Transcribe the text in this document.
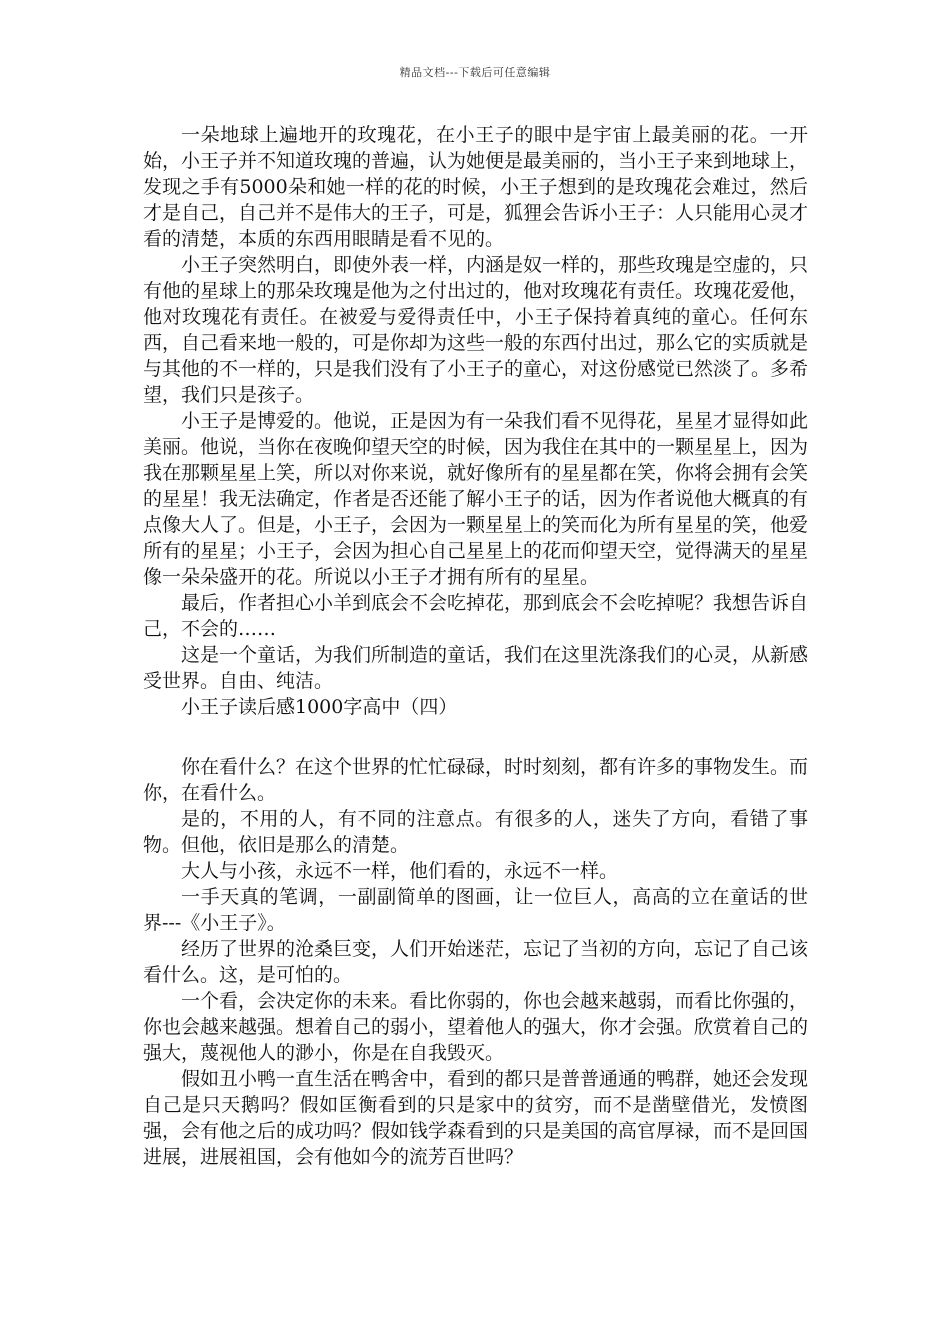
精品文档---下载后可任意编辑

一朵地球上遍地开的玫瑰花，在小王子的眼中是宇宙上最美丽的花。一开始，小王子并不知道玫瑰的普遍，认为她便是最美丽的，当小王子来到地球上，发现之手有5000朵和她一样的花的时候，小王子想到的是玫瑰花会难过，然后才是自己，自己并不是伟大的王子，可是，狐狸会告诉小王子：人只能用心灵才看的清楚，本质的东西用眼睛是看不见的。

小王子突然明白，即使外表一样，内涵是奴一样的，那些玫瑰是空虚的，只有他的星球上的那朵玫瑰是他为之付出过的，他对玫瑰花有责任。玫瑰花爱他，他对玫瑰花有责任。在被爱与爱得责任中，小王子保持着真纯的童心。任何东西，自己看来地一般的，可是你却为这些一般的东西付出过，那么它的实质就是与其他的不一样的，只是我们没有了小王子的童心，对这份感觉已然淡了。多希望，我们只是孩子。

小王子是博爱的。他说，正是因为有一朵我们看不见得花，星星才显得如此美丽。他说，当你在夜晚仰望天空的时候，因为我住在其中的一颗星星上，因为我在那颗星星上笑，所以对你来说，就好像所有的星星都在笑，你将会拥有会笑的星星！我无法确定，作者是否还能了解小王子的话，因为作者说他大概真的有点像大人了。但是，小王子，会因为一颗星星上的笑而化为所有星星的笑，他爱所有的星星；小王子，会因为担心自己星星上的花而仰望天空，觉得满天的星星像一朵朵盛开的花。所说以小王子才拥有所有的星星。

最后，作者担心小羊到底会不会吃掉花，那到底会不会吃掉呢？我想告诉自己，不会的……

这是一个童话，为我们所制造的童话，我们在这里洗涤我们的心灵，从新感受世界。自由、纯洁。

小王子读后感1000字高中（四）

你在看什么？在这个世界的忙忙碌碌，时时刻刻，都有许多的事物发生。而你，在看什么。

是的，不用的人，有不同的注意点。有很多的人，迷失了方向，看错了事物。但他，依旧是那么的清楚。

大人与小孩，永远不一样，他们看的，永远不一样。

一手天真的笔调，一副副简单的图画，让一位巨人，高高的立在童话的世界---《小王子》。

经历了世界的沧桑巨变，人们开始迷茫，忘记了当初的方向，忘记了自己该看什么。这，是可怕的。

一个看，会决定你的未来。看比你弱的，你也会越来越弱，而看比你强的，你也会越来越强。想着自己的弱小，望着他人的强大，你才会强。欣赏着自己的强大，蔑视他人的渺小，你是在自我毁灭。

假如丑小鸭一直生活在鸭舍中，看到的都只是普普通通的鸭群，她还会发现自己是只天鹅吗？假如匡衡看到的只是家中的贫穷，而不是凿壁借光，发愤图强，会有他之后的成功吗？假如钱学森看到的只是美国的高官厚禄，而不是回国进展，进展祖国，会有他如今的流芳百世吗？
